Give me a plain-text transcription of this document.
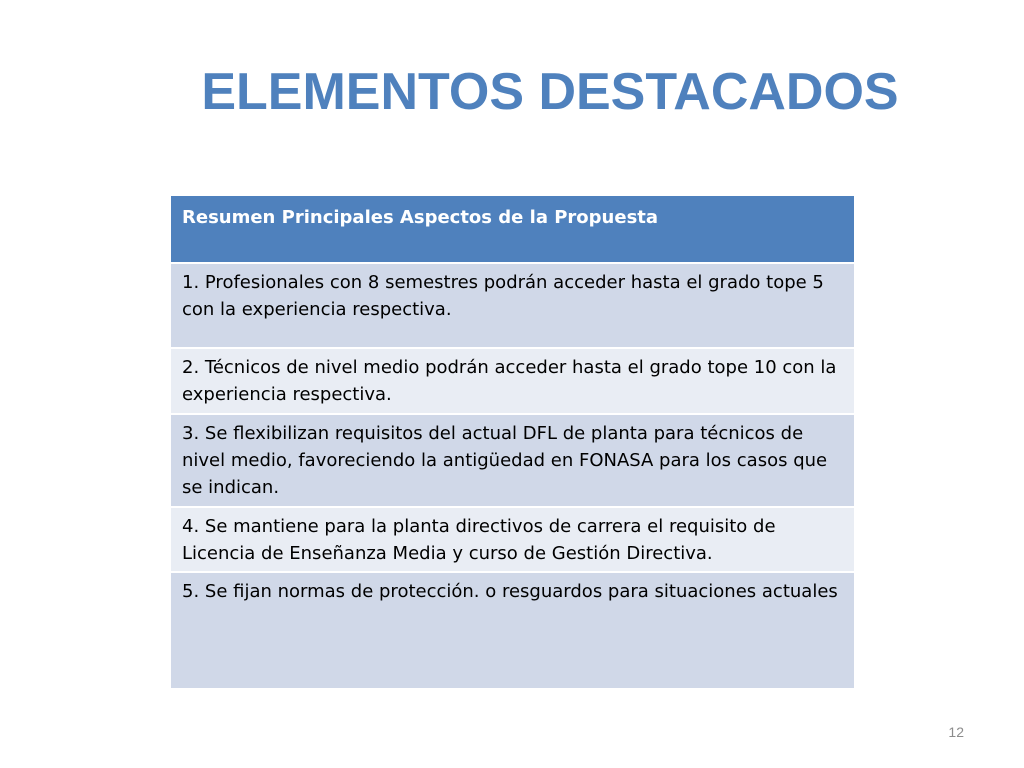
ELEMENTOS DESTACADOS
Resumen Principales Aspectos de la Propuesta
1. Profesionales con 8 semestres podrán acceder hasta el grado tope 5 con la experiencia respectiva.
2. Técnicos de nivel medio podrán acceder hasta el grado tope 10 con la experiencia respectiva.
3. Se flexibilizan requisitos del actual DFL de planta para técnicos de nivel medio, favoreciendo la antigüedad en FONASA para los casos que se indican.
4. Se mantiene para la planta directivos de carrera el requisito de Licencia de Enseñanza Media y curso de Gestión Directiva.
5. Se fijan normas de protección. o resguardos para situaciones actuales
12
